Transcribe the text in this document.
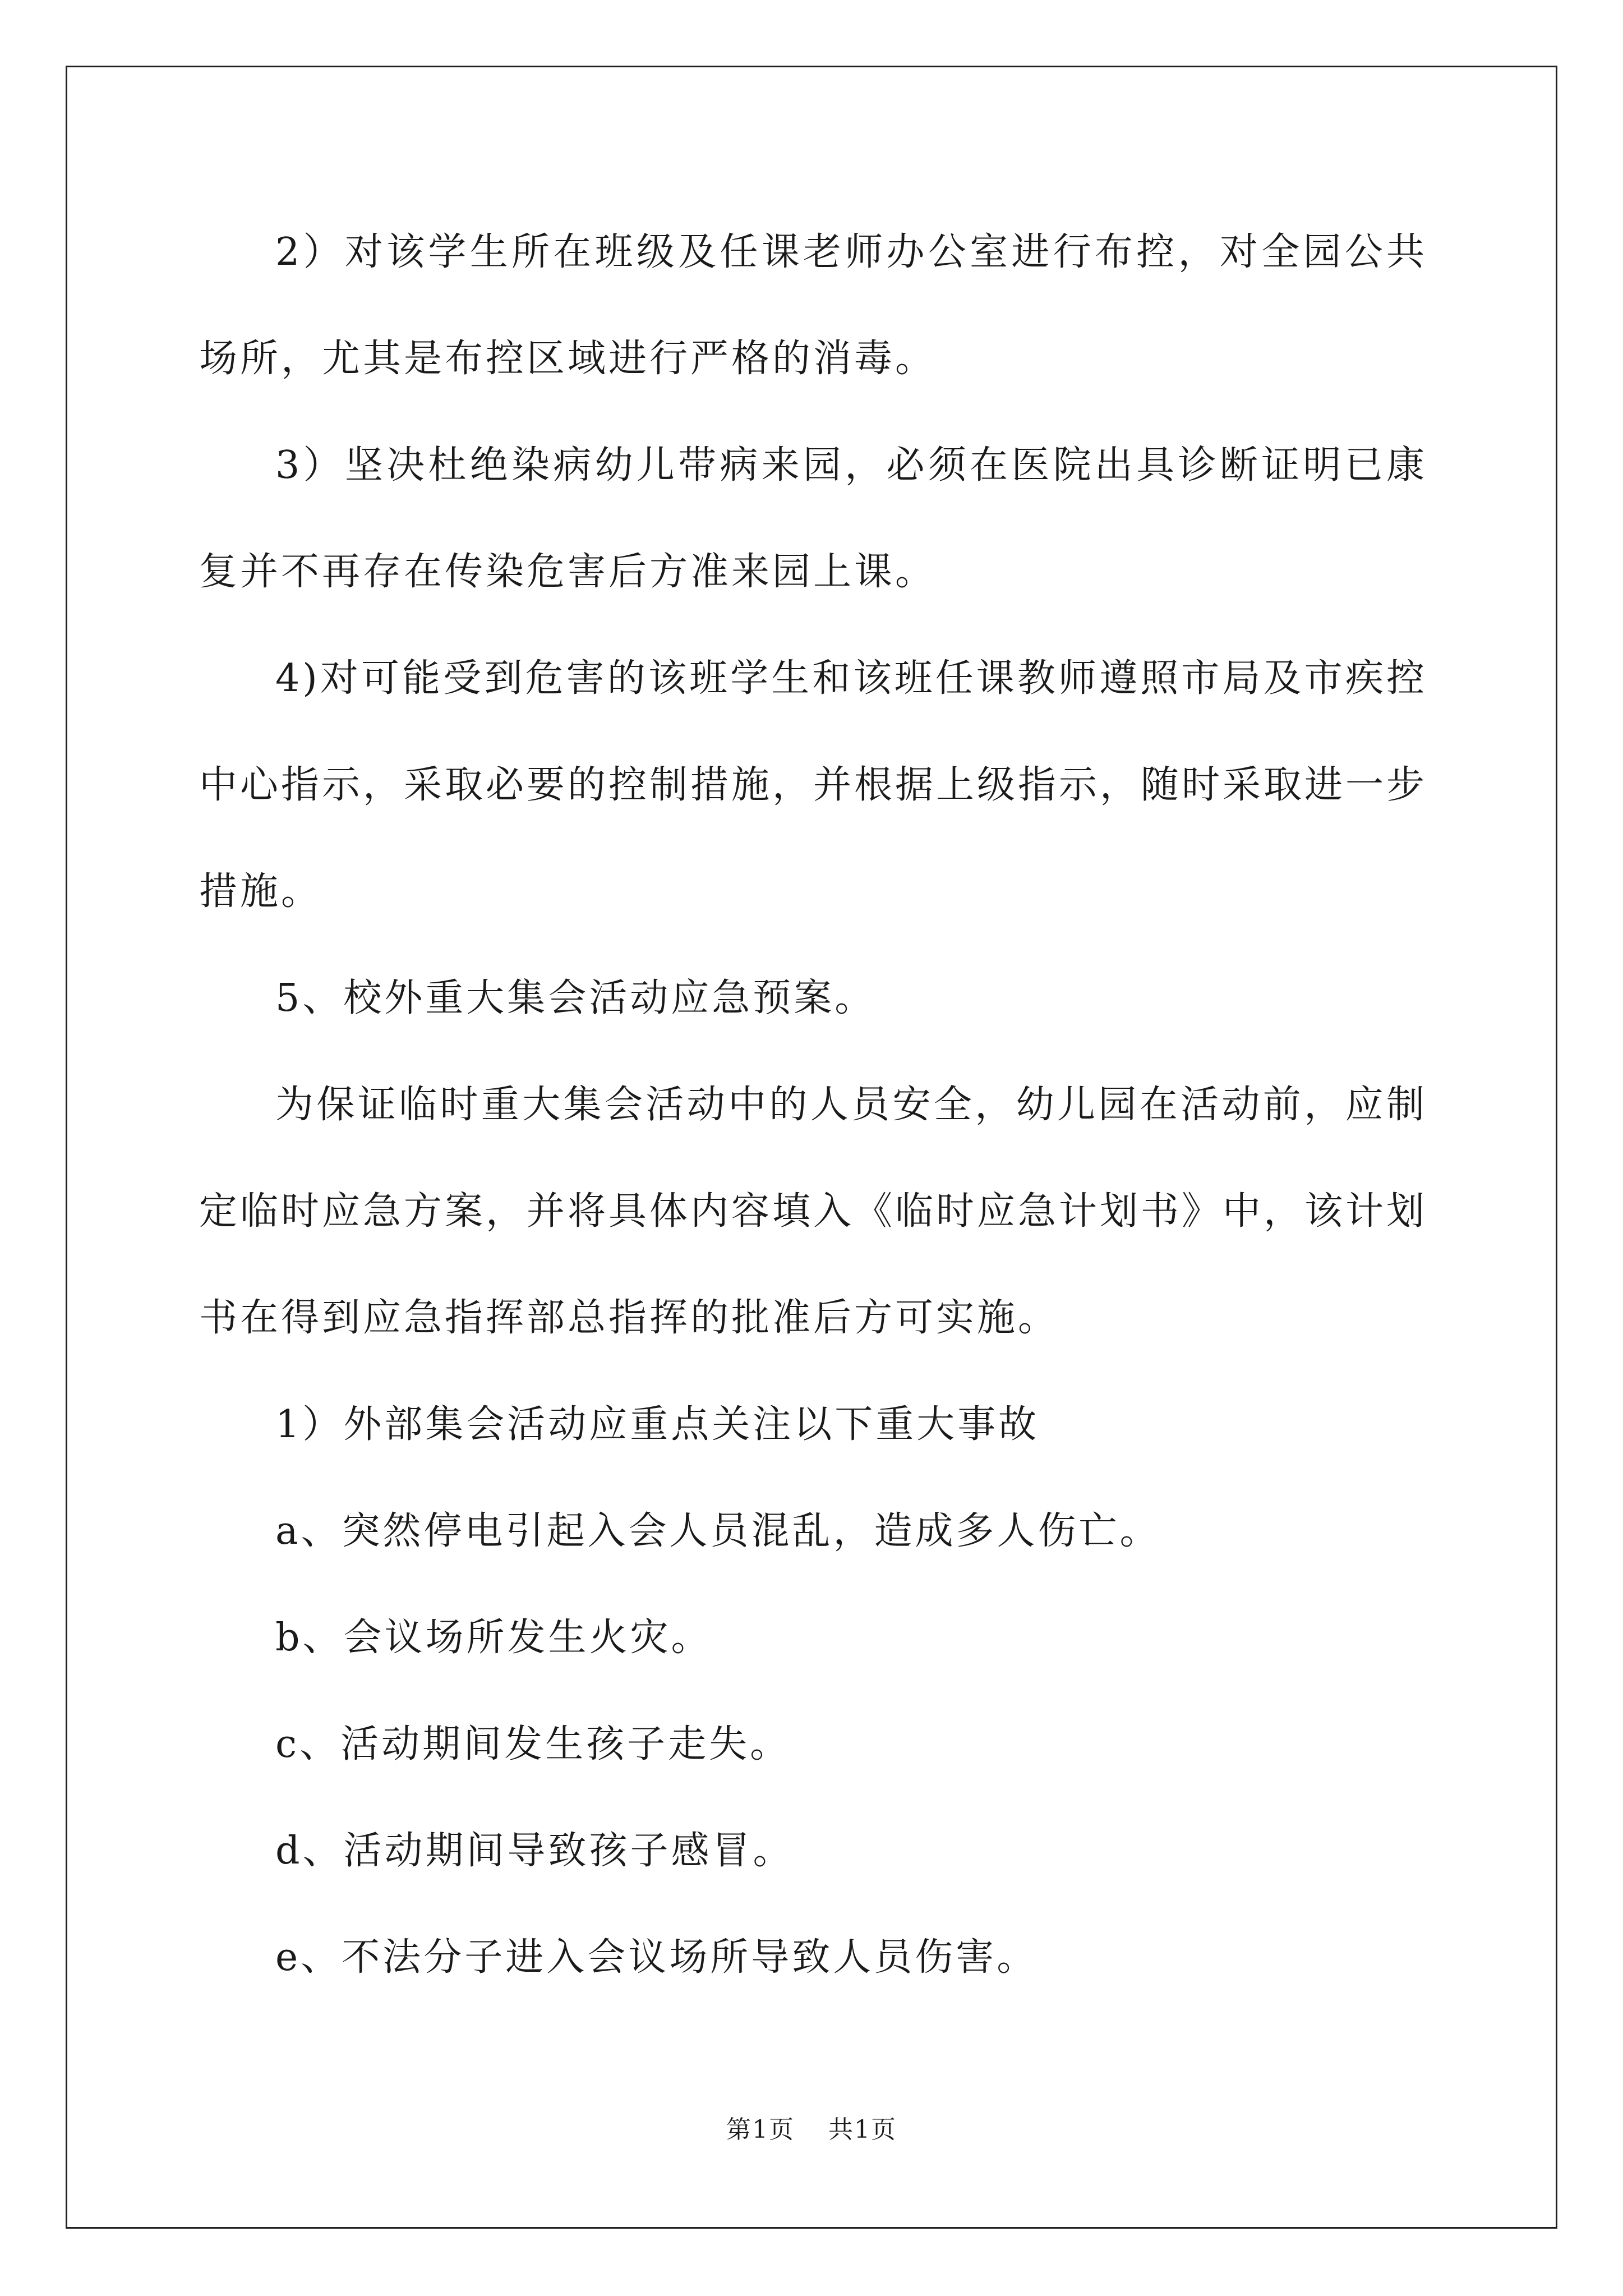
2）对该学生所在班级及任课老师办公室进行布控，对全园公共场所，尤其是布控区域进行严格的消毒。

3）坚决杜绝染病幼儿带病来园，必须在医院出具诊断证明已康复并不再存在传染危害后方准来园上课。

4)对可能受到危害的该班学生和该班任课教师遵照市局及市疾控中心指示，采取必要的控制措施，并根据上级指示，随时采取进一步措施。

5、校外重大集会活动应急预案。

为保证临时重大集会活动中的人员安全，幼儿园在活动前，应制定临时应急方案，并将具体内容填入《临时应急计划书》中，该计划书在得到应急指挥部总指挥的批准后方可实施。

1）外部集会活动应重点关注以下重大事故

a、突然停电引起入会人员混乱，造成多人伤亡。

b、会议场所发生火灾。

c、活动期间发生孩子走失。

d、活动期间导致孩子感冒。

e、不法分子进入会议场所导致人员伤害。

第1页 共1页
